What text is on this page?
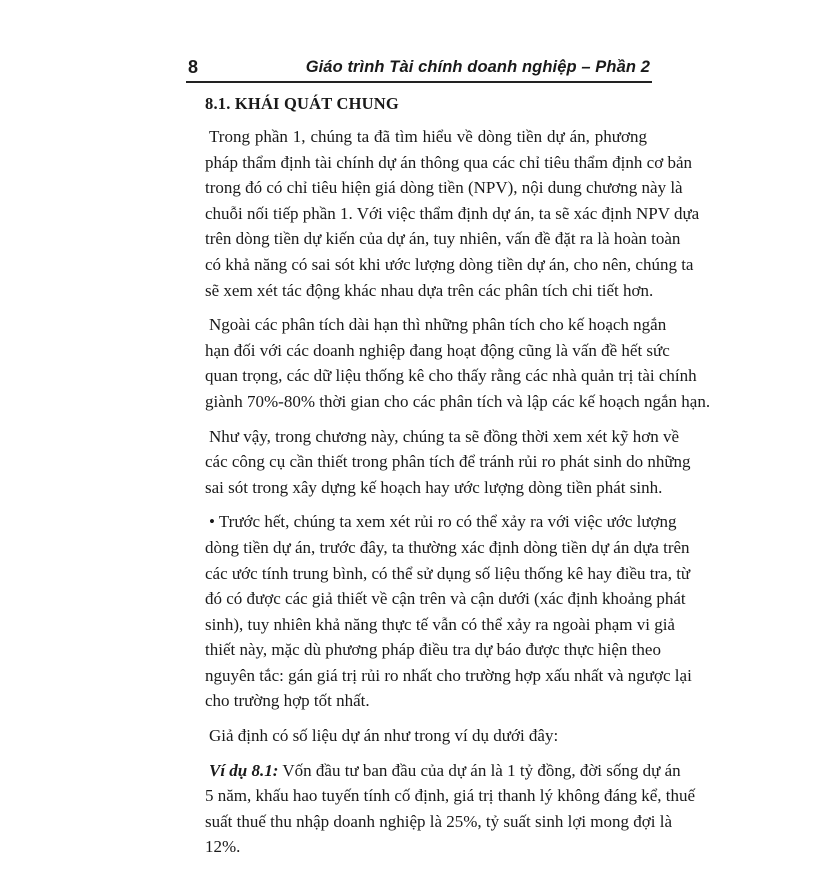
8	Giáo trình Tài chính doanh nghiệp – Phần 2
8.1. KHÁI QUÁT CHUNG
Trong phần 1, chúng ta đã tìm hiểu về dòng tiền dự án, phương
pháp thẩm định tài chính dự án thông qua các chỉ tiêu thẩm định cơ bản
trong đó có chỉ tiêu hiện giá dòng tiền (NPV), nội dung chương này là
chuỗi nối tiếp phần 1. Với việc thẩm định dự án, ta sẽ xác định NPV dựa
trên dòng tiền dự kiến của dự án, tuy nhiên, vấn đề đặt ra là hoàn toàn
có khả năng có sai sót khi ước lượng dòng tiền dự án, cho nên, chúng ta
sẽ xem xét tác động khác nhau dựa trên các phân tích chi tiết hơn.
Ngoài các phân tích dài hạn thì những phân tích cho kế hoạch ngắn
hạn đối với các doanh nghiệp đang hoạt động cũng là vấn đề hết sức
quan trọng, các dữ liệu thống kê cho thấy rằng các nhà quản trị tài chính
giành 70%-80% thời gian cho các phân tích và lập các kế hoạch ngắn hạn.
Như vậy, trong chương này, chúng ta sẽ đồng thời xem xét kỹ hơn về
các công cụ cần thiết trong phân tích để tránh rủi ro phát sinh do những
sai sót trong xây dựng kế hoạch hay ước lượng dòng tiền phát sinh.
• Trước hết, chúng ta xem xét rủi ro có thể xảy ra với việc ước lượng
dòng tiền dự án, trước đây, ta thường xác định dòng tiền dự án dựa trên
các ước tính trung bình, có thể sử dụng số liệu thống kê hay điều tra, từ
đó có được các giả thiết về cận trên và cận dưới (xác định khoảng phát
sinh), tuy nhiên khả năng thực tế vẫn có thể xảy ra ngoài phạm vi giả
thiết này, mặc dù phương pháp điều tra dự báo được thực hiện theo
nguyên tắc: gán giá trị rủi ro nhất cho trường hợp xấu nhất và ngược lại
cho trường hợp tốt nhất.
Giả định có số liệu dự án như trong ví dụ dưới đây:
Ví dụ 8.1: Vốn đầu tư ban đầu của dự án là 1 tỷ đồng, đời sống dự án
5 năm, khấu hao tuyến tính cố định, giá trị thanh lý không đáng kể, thuế
suất thuế thu nhập doanh nghiệp là 25%, tỷ suất sinh lợi mong đợi là
12%.
